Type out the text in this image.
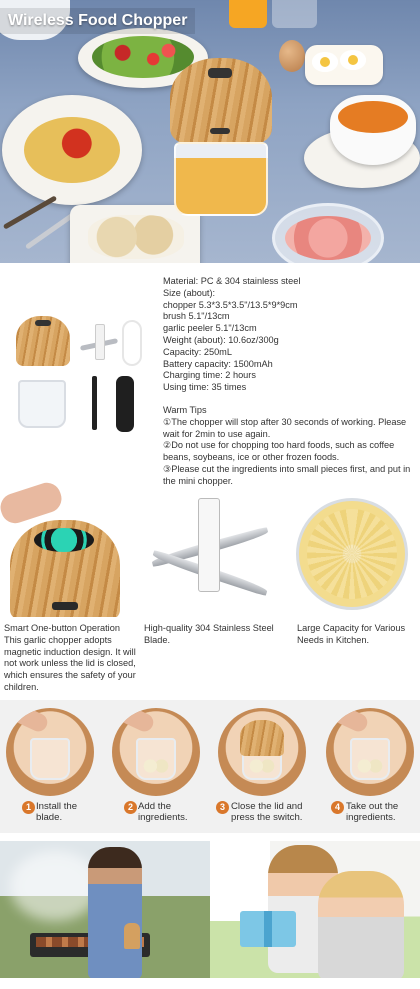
Wireless Food Chopper

Material: PC & 304 stainless steel

Size (about):

chopper 5.3*3.5*3.5"/13.5*9*9cm

brush 5.1"/13cm

garlic peeler 5.1"/13cm

Weight (about): 10.6oz/300g

Capacity: 250mL

Battery capacity: 1500mAh

Charging time: 2 hours

Using time: 35 times

Warm Tips

①The chopper will stop after 30 seconds of working. Please wait for 2min to use again.

②Do not use for chopping too hard foods, such as coffee beans, soybeans, ice or other frozen foods.

③Please cut the ingredients into small pieces first, and put in the mini chopper.

Smart One-button Operation This garlic chopper adopts magnetic induction design. It will not work unless the lid is closed, which ensures the safety of your children.

High-quality 304 Stainless Steel Blade.

Large Capacity for Various Needs in Kitchen.

1 Install the blade.
2 Add the ingredients.
3 Close the lid and press the switch.
4 Take out the ingredients.
